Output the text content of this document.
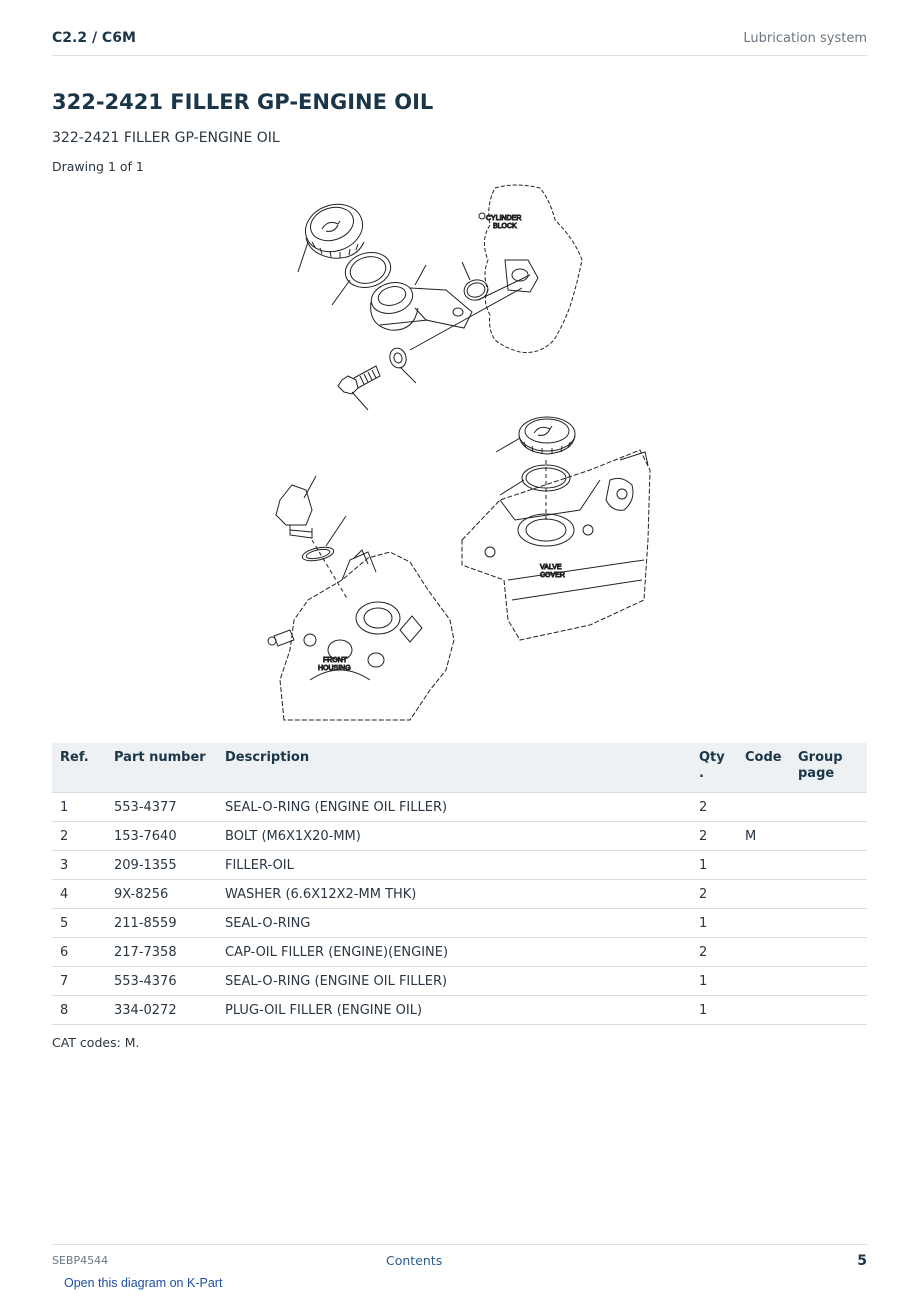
C2.2 / C6M	Lubrication system
322-2421 FILLER GP-ENGINE OIL
322-2421 FILLER GP-ENGINE OIL
Drawing 1 of 1
CYLINDER
BLOCK
VALVE
COVER
FRONT
HOUSING
Ref.	Part number	Description	Qty .	Code	Group page
1	553-4377	SEAL-O-RING (ENGINE OIL FILLER)	2		
2	153-7640	BOLT (M6X1X20-MM)	2	M	
3	209-1355	FILLER-OIL	1		
4	9X-8256	WASHER (6.6X12X2-MM THK)	2		
5	211-8559	SEAL-O-RING	1		
6	217-7358	CAP-OIL FILLER (ENGINE)(ENGINE)	2		
7	553-4376	SEAL-O-RING (ENGINE OIL FILLER)	1		
8	334-0272	PLUG-OIL FILLER (ENGINE OIL)	1		
CAT codes: M.
SEBP4544	Contents	5
Open this diagram on K-Part
